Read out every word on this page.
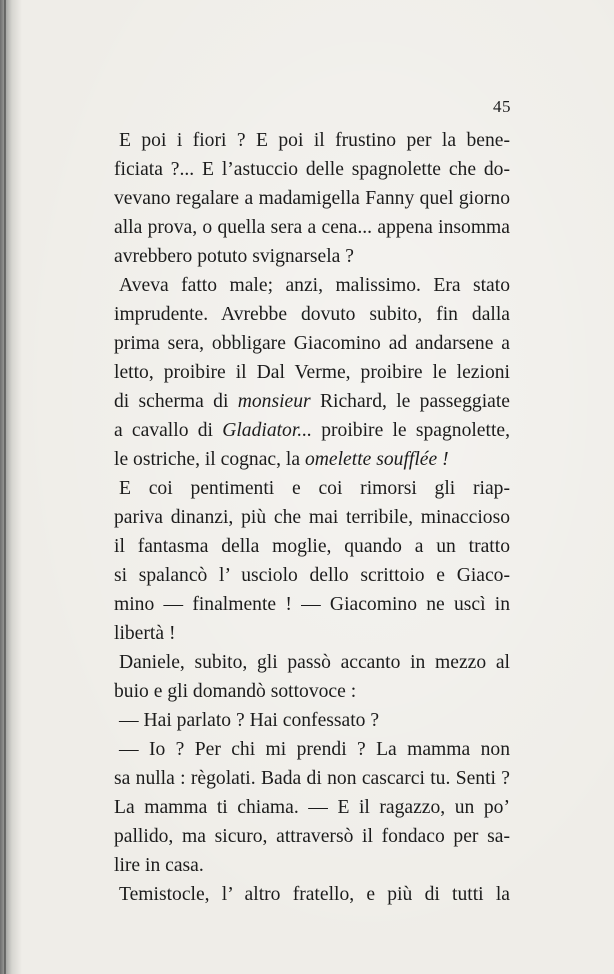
45
E poi i fiori ? E poi il frustino per la bene-
ficiata ?... E l’astuccio delle spagnolette che do-
vevano regalare a madamigella Fanny quel giorno
alla prova, o quella sera a cena... appena insomma
avrebbero potuto svignarsela ?
Aveva fatto male; anzi, malissimo. Era stato
imprudente. Avrebbe dovuto subito, fin dalla
prima sera, obbligare Giacomino ad andarsene a
letto, proibire il Dal Verme, proibire le lezioni
di scherma di monsieur Richard, le passeggiate
a cavallo di Gladiator... proibire le spagnolette,
le ostriche, il cognac, la omelette soufflée !
E coi pentimenti e coi rimorsi gli riap-
pariva dinanzi, più che mai terribile, minaccioso
il fantasma della moglie, quando a un tratto
si spalancò l’ usciolo dello scrittoio e Giaco-
mino — finalmente ! — Giacomino ne uscì in
libertà !
Daniele, subito, gli passò accanto in mezzo al
buio e gli domandò sottovoce :
— Hai parlato ? Hai confessato ?
— Io ? Per chi mi prendi ? La mamma non
sa nulla : règolati. Bada di non cascarci tu. Senti ?
La mamma ti chiama. — E il ragazzo, un po’
pallido, ma sicuro, attraversò il fondaco per sa-
lire in casa.
Temistocle, l’ altro fratello, e più di tutti la
